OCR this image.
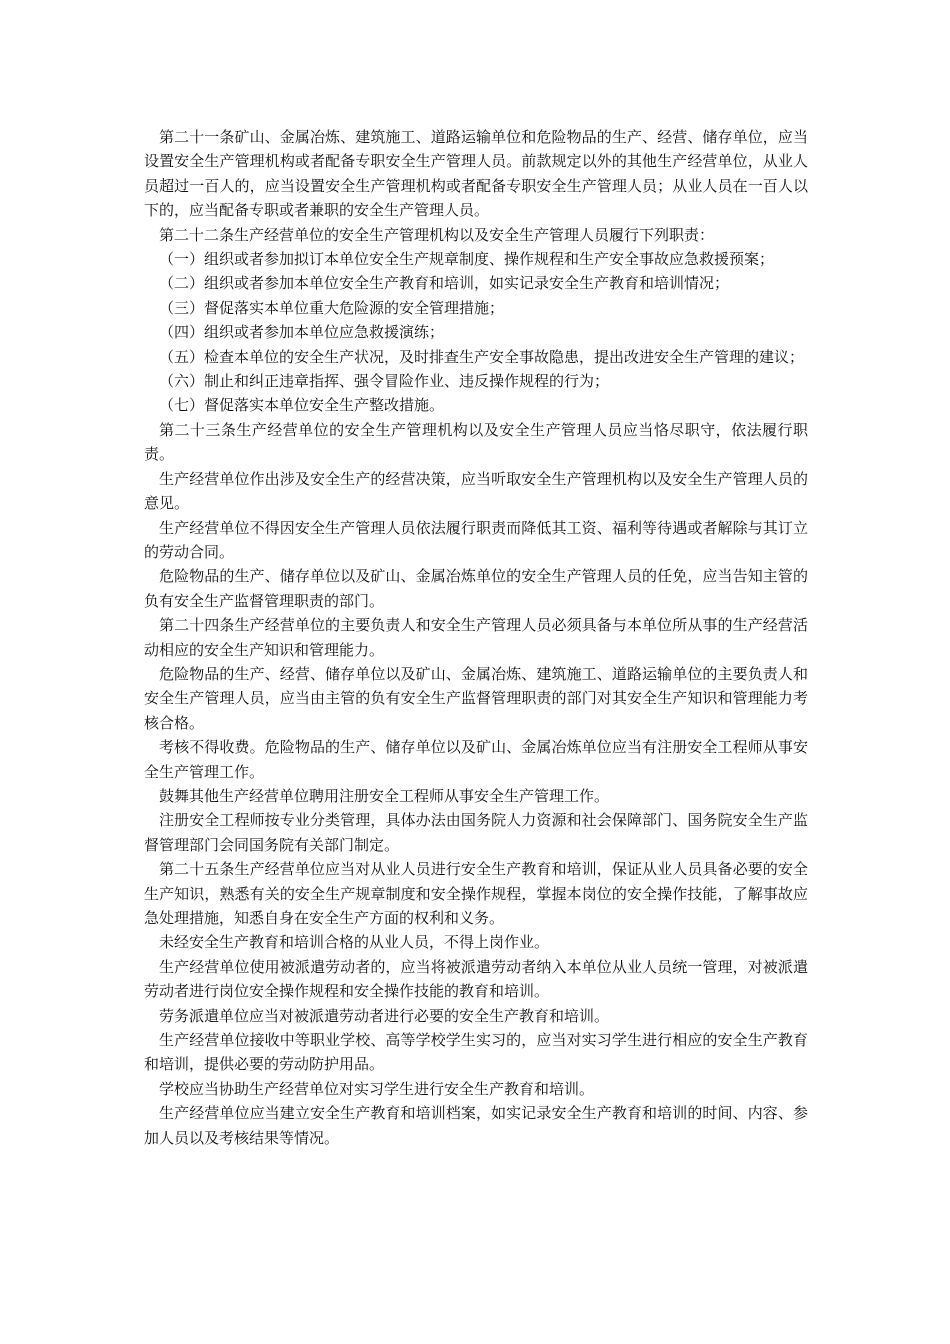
第二十一条矿山、金属冶炼、建筑施工、道路运输单位和危险物品的生产、经营、储存单位，应当设置安全生产管理机构或者配备专职安全生产管理人员。前款规定以外的其他生产经营单位，从业人员超过一百人的，应当设置安全生产管理机构或者配备专职安全生产管理人员；从业人员在一百人以下的，应当配备专职或者兼职的安全生产管理人员。

第二十二条生产经营单位的安全生产管理机构以及安全生产管理人员履行下列职责：

（一）组织或者参加拟订本单位安全生产规章制度、操作规程和生产安全事故应急救援预案；

（二）组织或者参加本单位安全生产教育和培训，如实记录安全生产教育和培训情况；

（三）督促落实本单位重大危险源的安全管理措施；

（四）组织或者参加本单位应急救援演练；

（五）检查本单位的安全生产状况，及时排查生产安全事故隐患，提出改进安全生产管理的建议；

（六）制止和纠正违章指挥、强令冒险作业、违反操作规程的行为；

（七）督促落实本单位安全生产整改措施。

第二十三条生产经营单位的安全生产管理机构以及安全生产管理人员应当恪尽职守，依法履行职责。

生产经营单位作出涉及安全生产的经营决策，应当听取安全生产管理机构以及安全生产管理人员的意见。

生产经营单位不得因安全生产管理人员依法履行职责而降低其工资、福利等待遇或者解除与其订立的劳动合同。

危险物品的生产、储存单位以及矿山、金属冶炼单位的安全生产管理人员的任免，应当告知主管的负有安全生产监督管理职责的部门。

第二十四条生产经营单位的主要负责人和安全生产管理人员必须具备与本单位所从事的生产经营活动相应的安全生产知识和管理能力。

危险物品的生产、经营、储存单位以及矿山、金属冶炼、建筑施工、道路运输单位的主要负责人和安全生产管理人员，应当由主管的负有安全生产监督管理职责的部门对其安全生产知识和管理能力考核合格。

考核不得收费。危险物品的生产、储存单位以及矿山、金属冶炼单位应当有注册安全工程师从事安全生产管理工作。

鼓舞其他生产经营单位聘用注册安全工程师从事安全生产管理工作。

注册安全工程师按专业分类管理，具体办法由国务院人力资源和社会保障部门、国务院安全生产监督管理部门会同国务院有关部门制定。

第二十五条生产经营单位应当对从业人员进行安全生产教育和培训，保证从业人员具备必要的安全生产知识，熟悉有关的安全生产规章制度和安全操作规程，掌握本岗位的安全操作技能，了解事故应急处理措施，知悉自身在安全生产方面的权利和义务。

未经安全生产教育和培训合格的从业人员，不得上岗作业。

生产经营单位使用被派遣劳动者的，应当将被派遣劳动者纳入本单位从业人员统一管理，对被派遣劳动者进行岗位安全操作规程和安全操作技能的教育和培训。

劳务派遣单位应当对被派遣劳动者进行必要的安全生产教育和培训。

生产经营单位接收中等职业学校、高等学校学生实习的，应当对实习学生进行相应的安全生产教育和培训，提供必要的劳动防护用品。

学校应当协助生产经营单位对实习学生进行安全生产教育和培训。

生产经营单位应当建立安全生产教育和培训档案，如实记录安全生产教育和培训的时间、内容、参加人员以及考核结果等情况。
